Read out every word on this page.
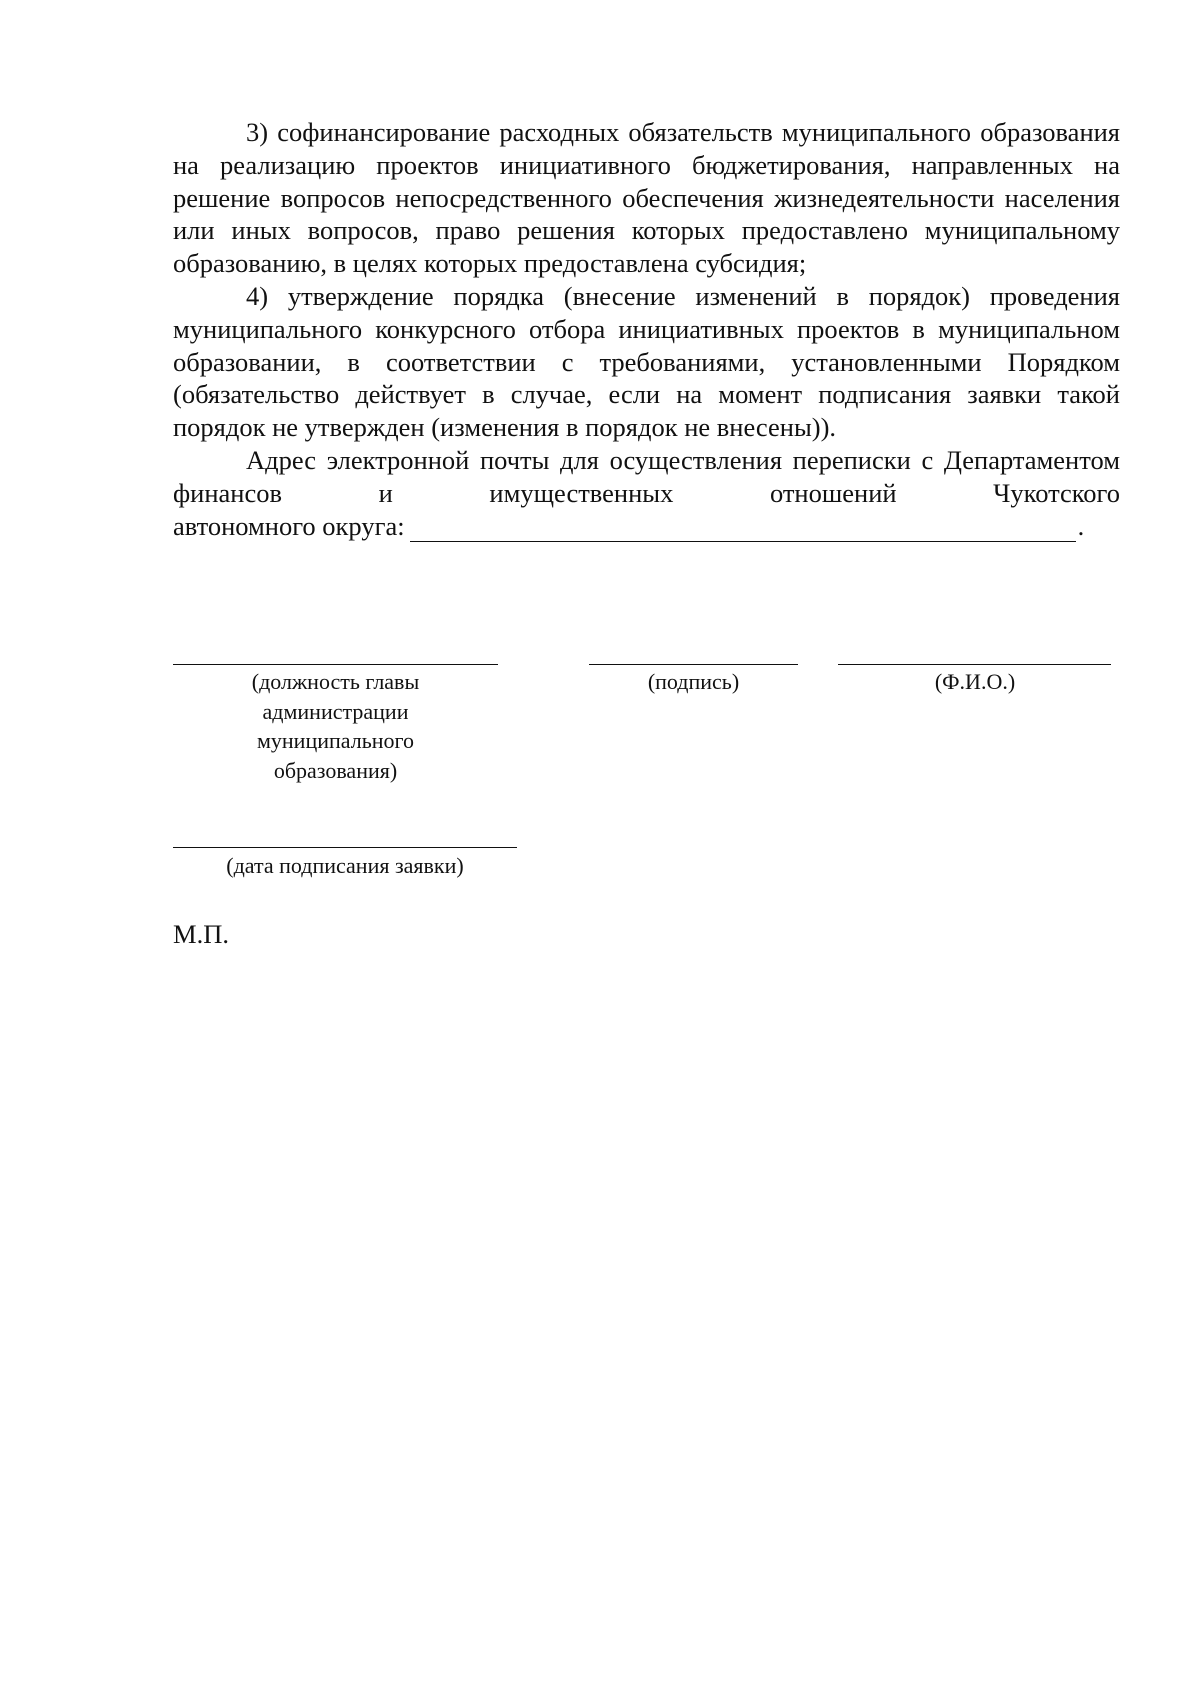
3) софинансирование расходных обязательств муниципального образования на реализацию проектов инициативного бюджетирования, направленных на решение вопросов непосредственного обеспечения жизнедеятельности населения или иных вопросов, право решения которых предоставлено муниципальному образованию, в целях которых предоставлена субсидия;

4) утверждение порядка (внесение изменений в порядок) проведения муниципального конкурсного отбора инициативных проектов в муниципальном образовании, в соответствии с требованиями, установленными Порядком (обязательство действует в случае, если на момент подписания заявки такой порядок не утвержден (изменения в порядок не внесены)).

Адрес электронной почты для осуществления переписки с Департаментом финансов и имущественных отношений Чукотского

автономного округа:	.
(должность главы
администрации
муниципального
образования)
(подпись)	(Ф.И.О.)
(дата подписания заявки)
М.П.
